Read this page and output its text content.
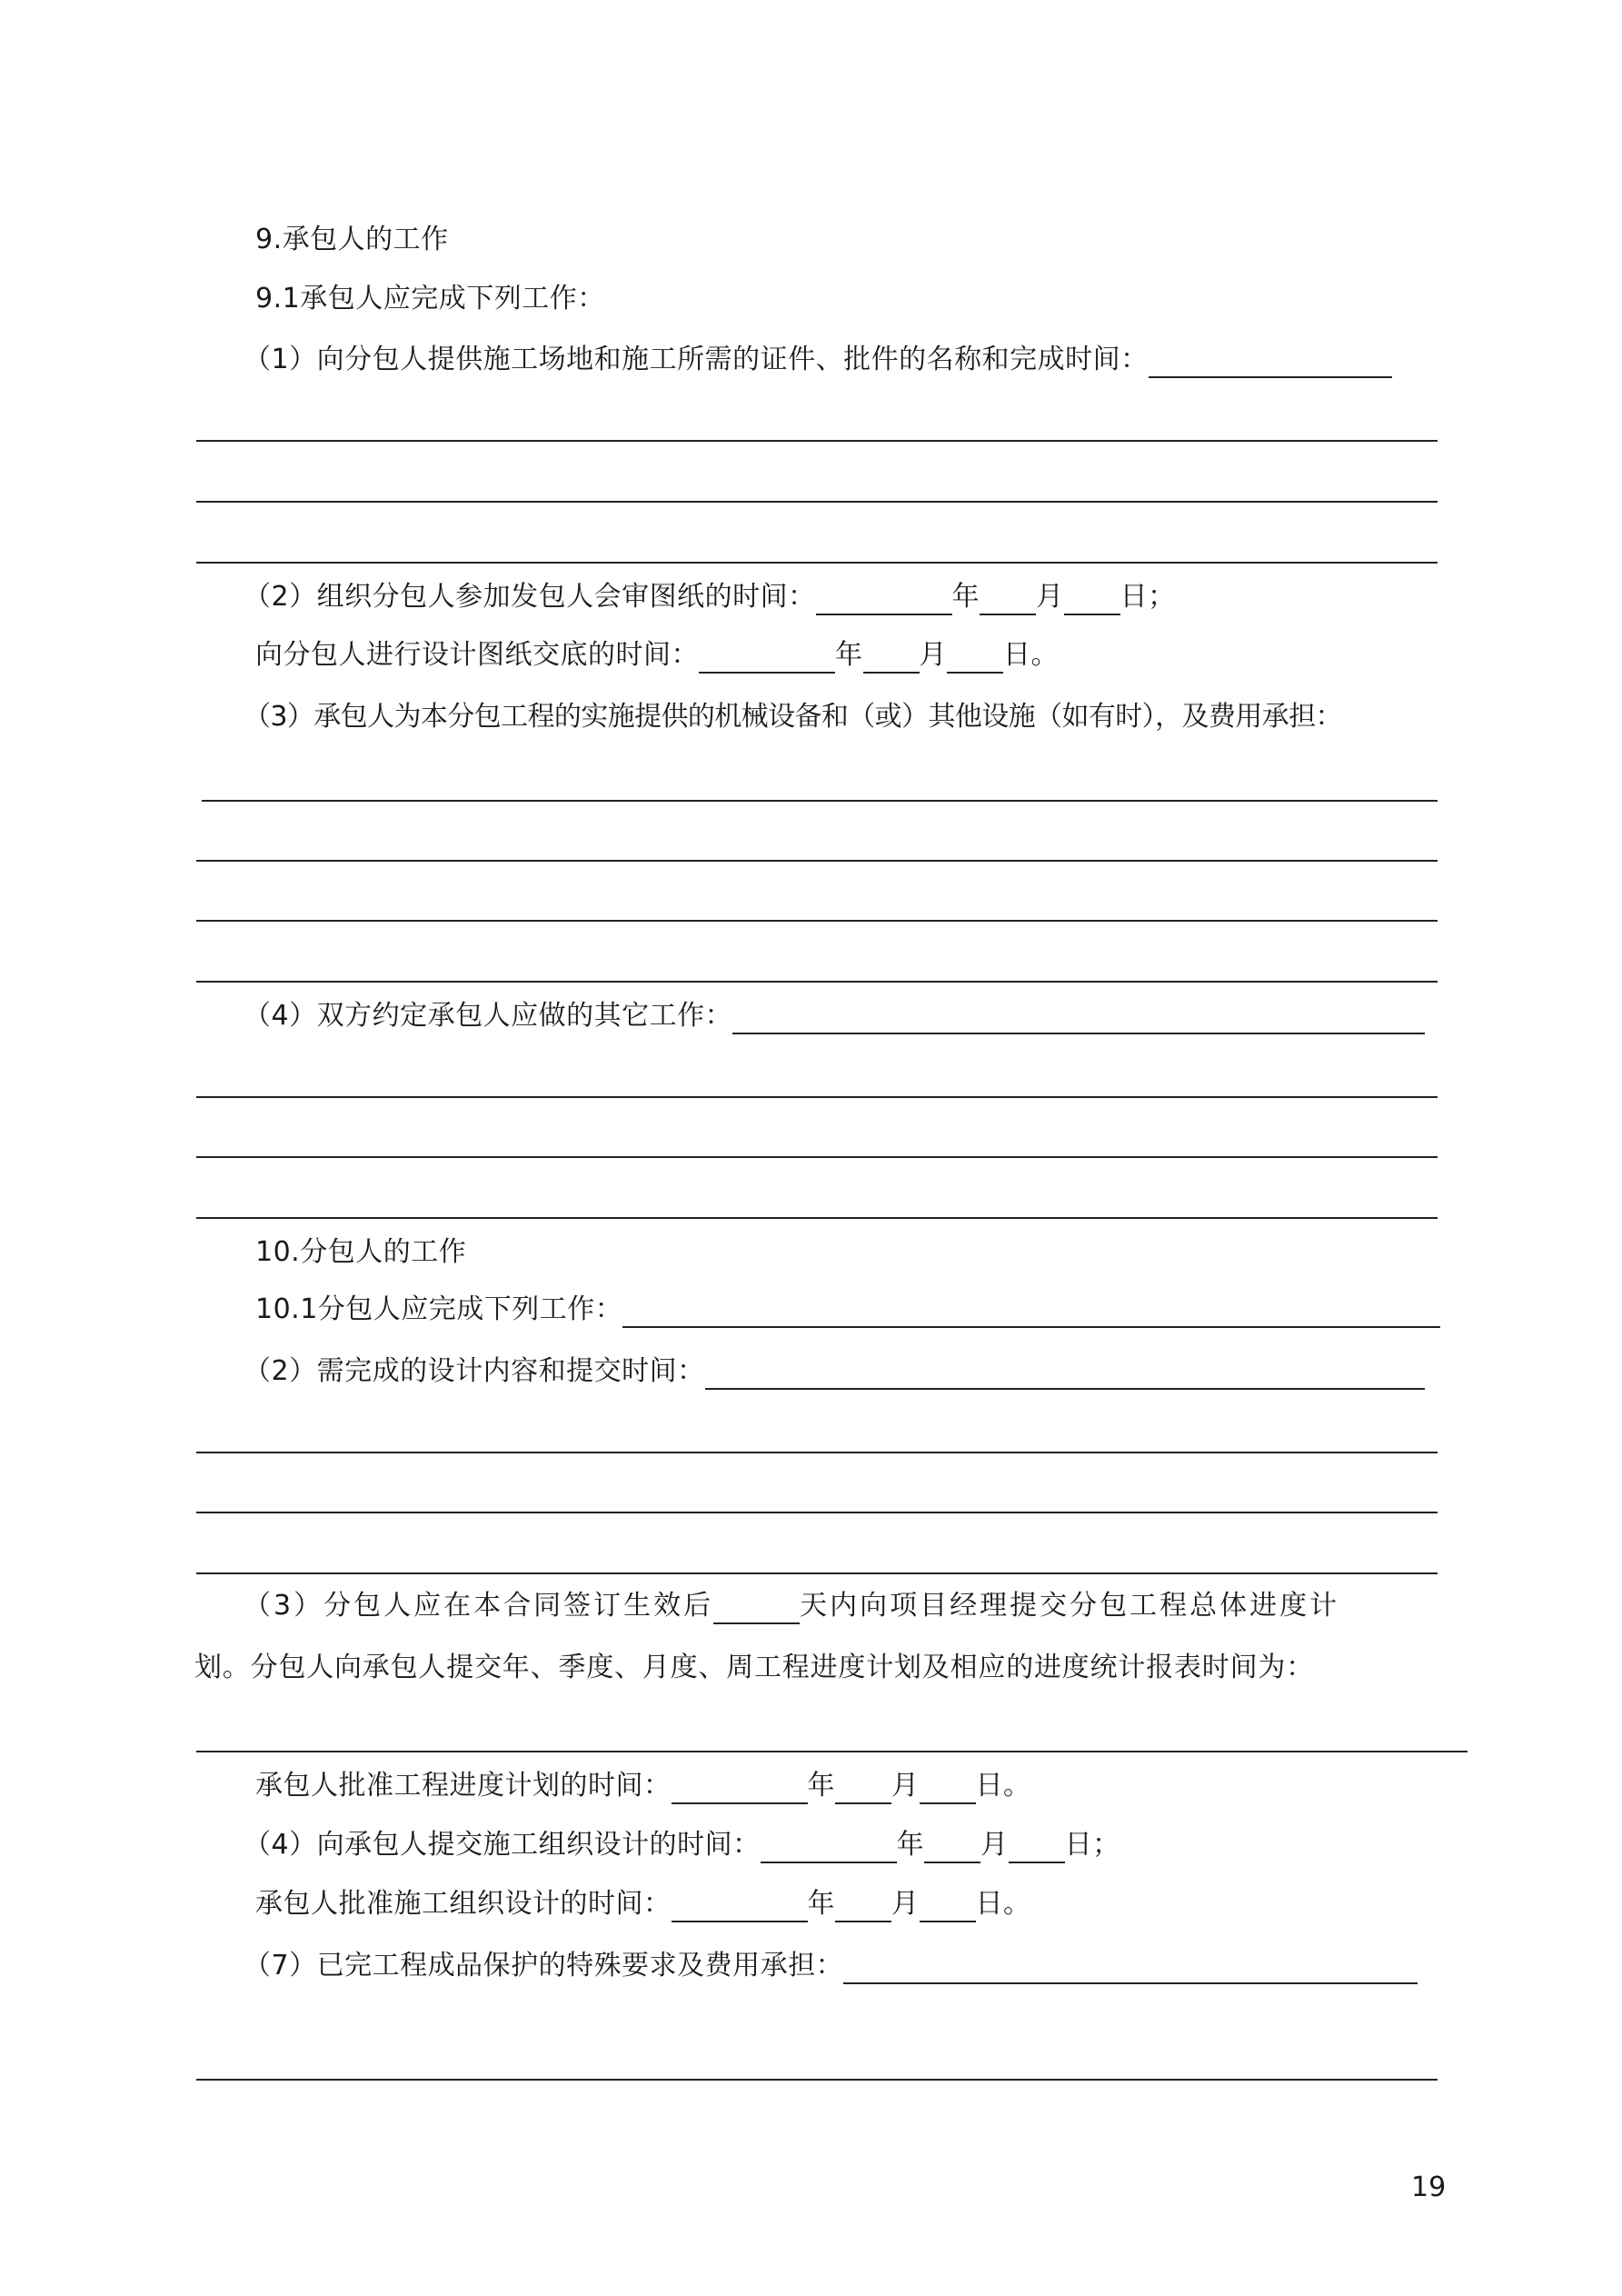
9.承包人的工作
9.1承包人应完成下列工作：
（1）向分包人提供施工场地和施工所需的证件、批件的名称和完成时间：
（2）组织分包人参加发包人会审图纸的时间：	年 月 日；
向分包人进行设计图纸交底的时间：	年 月 日。
（3）承包人为本分包工程的实施提供的机械设备和（或）其他设施（如有时），及费用承担：
（4）双方约定承包人应做的其它工作：
10.分包人的工作
10.1分包人应完成下列工作：
（2）需完成的设计内容和提交时间：
（3）分包人应在本合同签订生效后	天内向项目经理提交分包工程总体进度计
划。分包人向承包人提交年、季度、月度、周工程进度计划及相应的进度统计报表时间为：
承包人批准工程进度计划的时间：	年 月 日。
（4）向承包人提交施工组织设计的时间：	年 月 日；
承包人批准施工组织设计的时间：	年 月 日。
（7）已完工程成品保护的特殊要求及费用承担：
19
